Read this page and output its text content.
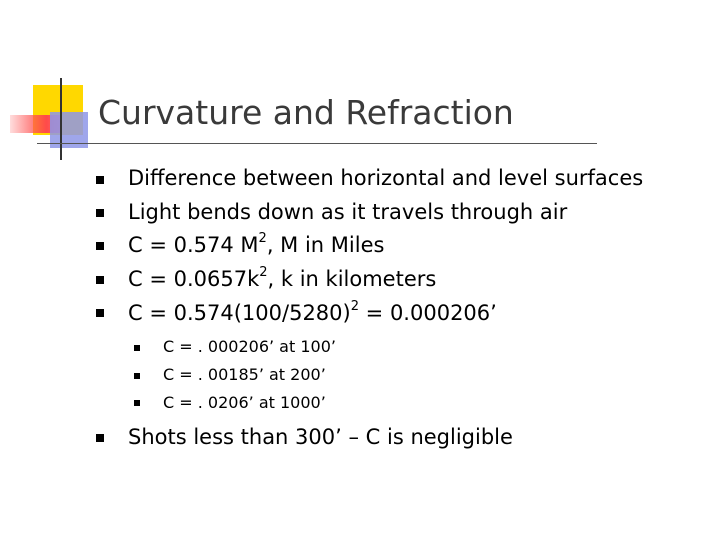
Curvature and Refraction
Difference between horizontal and level surfaces
Light bends down as it travels through air
C = 0.574 $M^2$, M in Miles
$C = 0.0657k^2$, k in kilometers
$C = 0.574(100/5280)^2 = 0.000206$’
C = . 000206’ at 100’
C = . 00185’ at 200’
C = . 0206’ at 1000’
Shots less than 300’ – C is negligible
